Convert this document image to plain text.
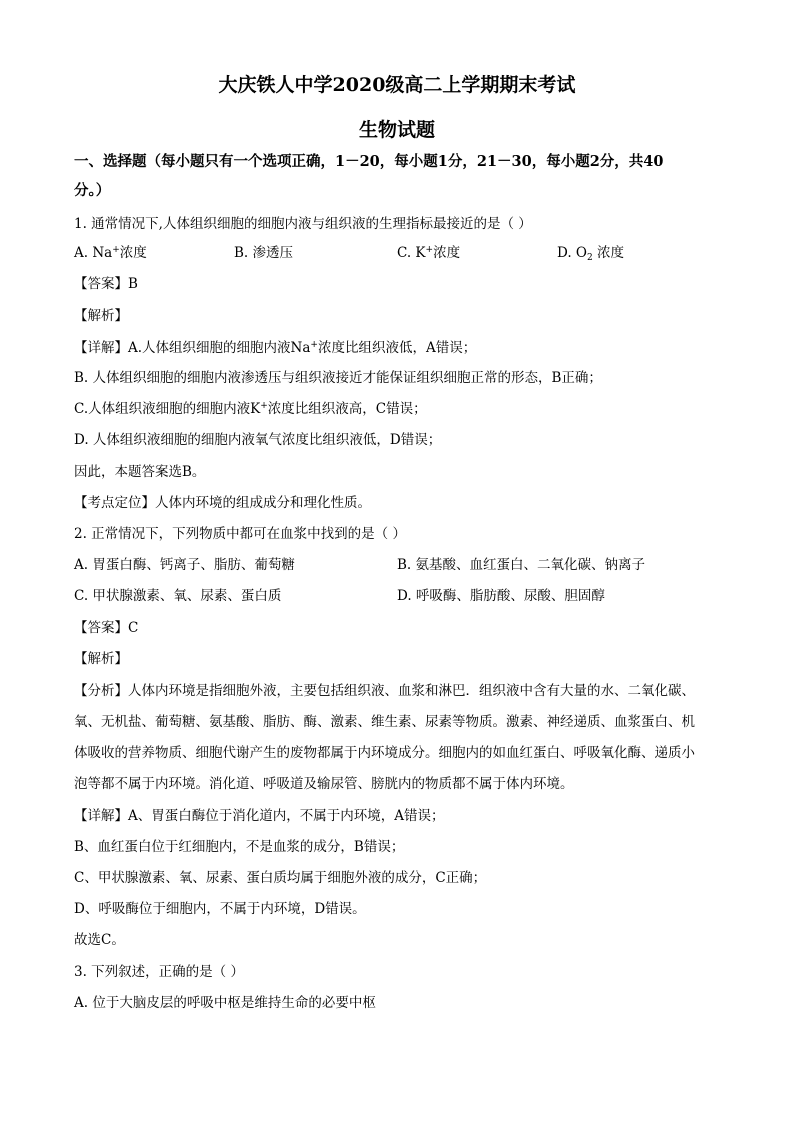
大庆铁人中学2020级高二上学期期末考试
生物试题
一、选择题（每小题只有一个选项正确，1－20，每小题1分，21－30，每小题2分，共40
分。）
1. 通常情况下,人体组织细胞的细胞内液与组织液的生理指标最接近的是（ ）
A. Na+浓度	B. 渗透压	C. K+浓度	D. $O_2$ 浓度
【答案】B
【解析】
【详解】A.人体组织细胞的细胞内液Na+浓度比组织液低，A错误；
B. 人体组织细胞的细胞内液渗透压与组织液接近才能保证组织细胞正常的形态，B正确；
C.人体组织液细胞的细胞内液K+浓度比组织液高，C错误；
D. 人体组织液细胞的细胞内液氧气浓度比组织液低，D错误；
因此，本题答案选B。
【考点定位】人体内环境的组成成分和理化性质。
2. 正常情况下，下列物质中都可在血浆中找到的是（ ）
A. 胃蛋白酶、钙离子、脂肪、葡萄糖	B. 氨基酸、血红蛋白、二氧化碳、钠离子
C. 甲状腺激素、氧、尿素、蛋白质	D. 呼吸酶、脂肪酸、尿酸、胆固醇
【答案】C
【解析】
【分析】人体内环境是指细胞外液，主要包括组织液、血浆和淋巴．组织液中含有大量的水、二氧化碳、
氧、无机盐、葡萄糖、氨基酸、脂肪、酶、激素、维生素、尿素等物质。激素、神经递质、血浆蛋白、机
体吸收的营养物质、细胞代谢产生的废物都属于内环境成分。细胞内的如血红蛋白、呼吸氧化酶、递质小
泡等都不属于内环境。消化道、呼吸道及输尿管、膀胱内的物质都不属于体内环境。
【详解】A、胃蛋白酶位于消化道内，不属于内环境，A错误；
B、血红蛋白位于红细胞内，不是血浆的成分，B错误；
C、甲状腺激素、氧、尿素、蛋白质均属于细胞外液的成分，C正确；
D、呼吸酶位于细胞内，不属于内环境，D错误。
故选C。
3. 下列叙述，正确的是（ ）
A. 位于大脑皮层的呼吸中枢是维持生命的必要中枢
